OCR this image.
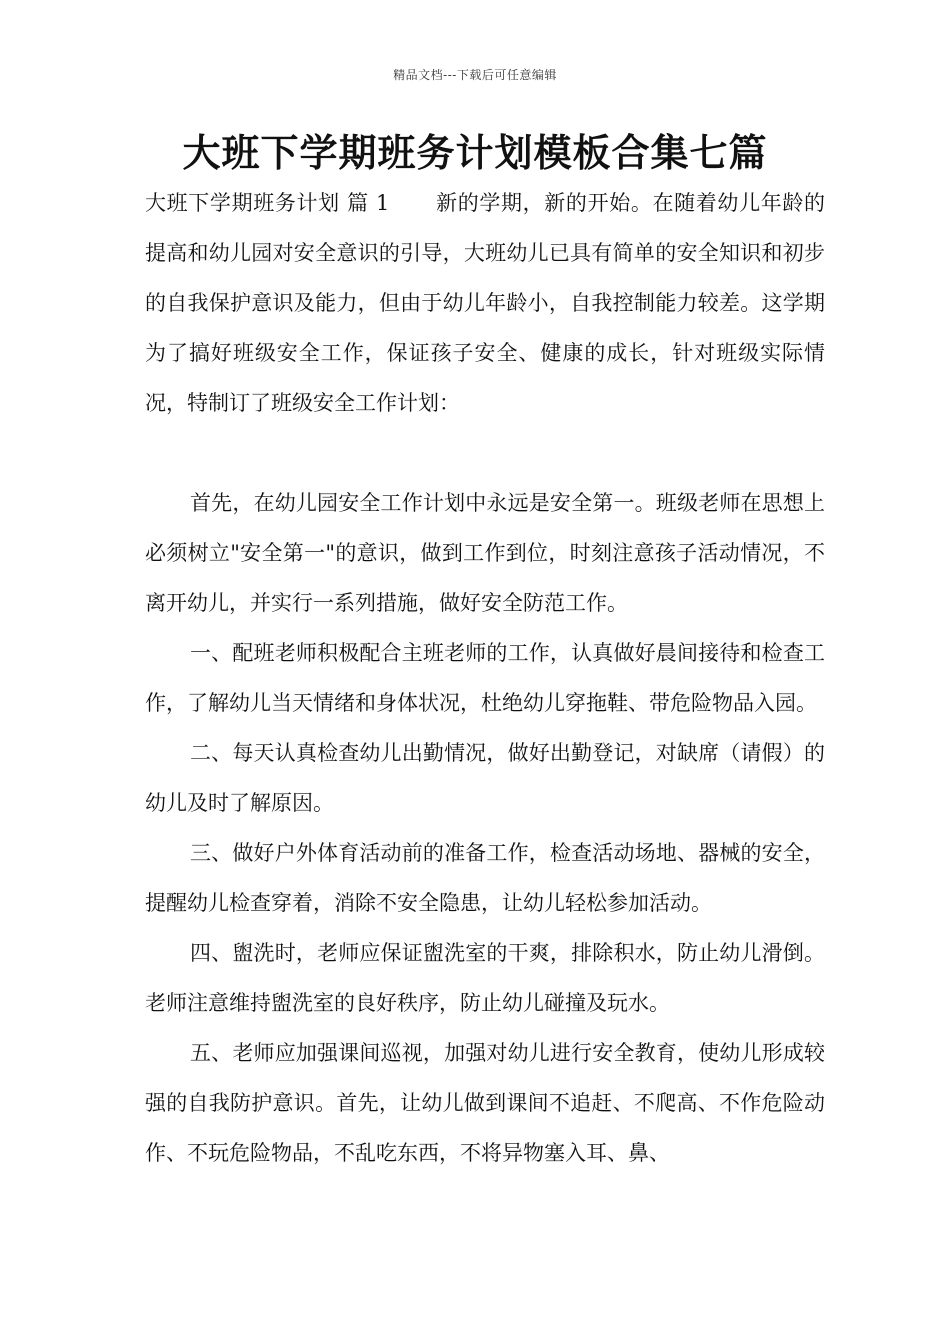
精品文档---下载后可任意编辑
大班下学期班务计划模板合集七篇

大班下学期班务计划 篇 1 新的学期，新的开始。在随着幼儿年龄的提高和幼儿园对安全意识的引导，大班幼儿已具有简单的安全知识和初步的自我保护意识及能力，但由于幼儿年龄小，自我控制能力较差。这学期为了搞好班级安全工作，保证孩子安全、健康的成长，针对班级实际情况，特制订了班级安全工作计划：

首先，在幼儿园安全工作计划中永远是安全第一。班级老师在思想上必须树立"安全第一"的意识，做到工作到位，时刻注意孩子活动情况，不离开幼儿，并实行一系列措施，做好安全防范工作。

一、配班老师积极配合主班老师的工作，认真做好晨间接待和检查工作，了解幼儿当天情绪和身体状况，杜绝幼儿穿拖鞋、带危险物品入园。

二、每天认真检查幼儿出勤情况，做好出勤登记，对缺席（请假）的幼儿及时了解原因。

三、做好户外体育活动前的准备工作，检查活动场地、器械的安全，提醒幼儿检查穿着，消除不安全隐患，让幼儿轻松参加活动。

四、盥洗时，老师应保证盥洗室的干爽，排除积水，防止幼儿滑倒。老师注意维持盥洗室的良好秩序，防止幼儿碰撞及玩水。

五、老师应加强课间巡视，加强对幼儿进行安全教育，使幼儿形成较强的自我防护意识。首先，让幼儿做到课间不追赶、不爬高、不作危险动作、不玩危险物品，不乱吃东西，不将异物塞入耳、鼻、
